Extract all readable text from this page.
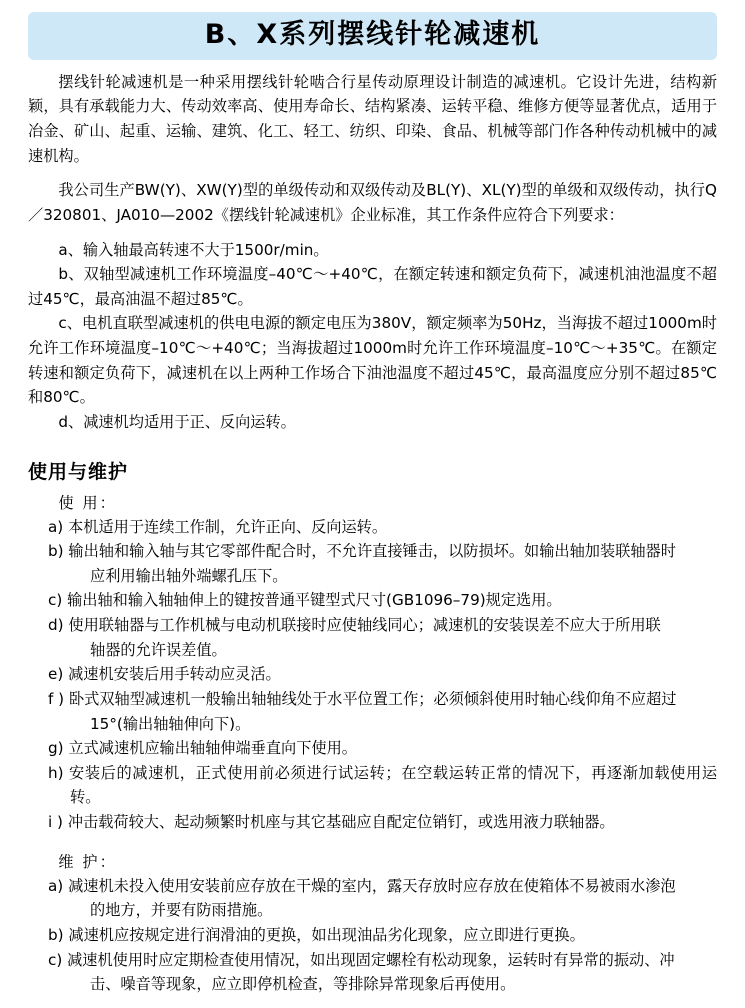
B、X系列摆线针轮减速机

摆线针轮减速机是一种采用摆线针轮啮合行星传动原理设计制造的减速机。它设计先进，结构新颖，具有承载能力大、传动效率高、使用寿命长、结构紧凑、运转平稳、维修方便等显著优点，适用于冶金、矿山、起重、运输、建筑、化工、轻工、纺织、印染、食品、机械等部门作各种传动机械中的减速机构。

我公司生产BW(Y)、XW(Y)型的单级传动和双级传动及BL(Y)、XL(Y)型的单级和双级传动，执行Q／320801、JA010—2002《摆线针轮减速机》企业标准，其工作条件应符合下列要求：

a、输入轴最高转速不大于1500r/min。

b、双轴型减速机工作环境温度–40℃～+40℃，在额定转速和额定负荷下，减速机油池温度不超过45℃，最高油温不超过85℃。

c、电机直联型减速机的供电电源的额定电压为380V，额定频率为50Hz，当海拔不超过1000m时允许工作环境温度–10℃～+40℃；当海拔超过1000m时允许工作环境温度–10℃～+35℃。在额定转速和额定负荷下，减速机在以上两种工作场合下油池温度不超过45℃，最高温度应分别不超过85℃和80℃。

d、减速机均适用于正、反向运转。

使用与维护

使 用：

a) 本机适用于连续工作制，允许正向、反向运转。

b) 输出轴和输入轴与其它零部件配合时，不允许直接锤击，以防损坏。如输出轴加装联轴器时

应利用输出轴外端螺孔压下。

c) 输出轴和输入轴轴伸上的键按普通平键型式尺寸(GB1096–79)规定选用。

d) 使用联轴器与工作机械与电动机联接时应使轴线同心；减速机的安装误差不应大于所用联

轴器的允许误差值。

e) 减速机安装后用手转动应灵活。

f ) 卧式双轴型减速机一般输出轴轴线处于水平位置工作；必须倾斜使用时轴心线仰角不应超过

15°(输出轴轴伸向下)。

g) 立式减速机应输出轴轴伸端垂直向下使用。

h) 安装后的减速机，正式使用前必须进行试运转；在空载运转正常的情况下，再逐渐加载使用运转。

i ) 冲击载荷较大、起动频繁时机座与其它基础应自配定位销钉，或选用液力联轴器。

维 护：

a) 减速机未投入使用安装前应存放在干燥的室内，露天存放时应存放在使箱体不易被雨水渗泡

的地方，并要有防雨措施。

b) 减速机应按规定进行润滑油的更换，如出现油品劣化现象，应立即进行更换。

c) 减速机使用时应定期检查使用情况，如出现固定螺栓有松动现象，运转时有异常的振动、冲

击、噪音等现象，应立即停机检查，等排除异常现象后再使用。
